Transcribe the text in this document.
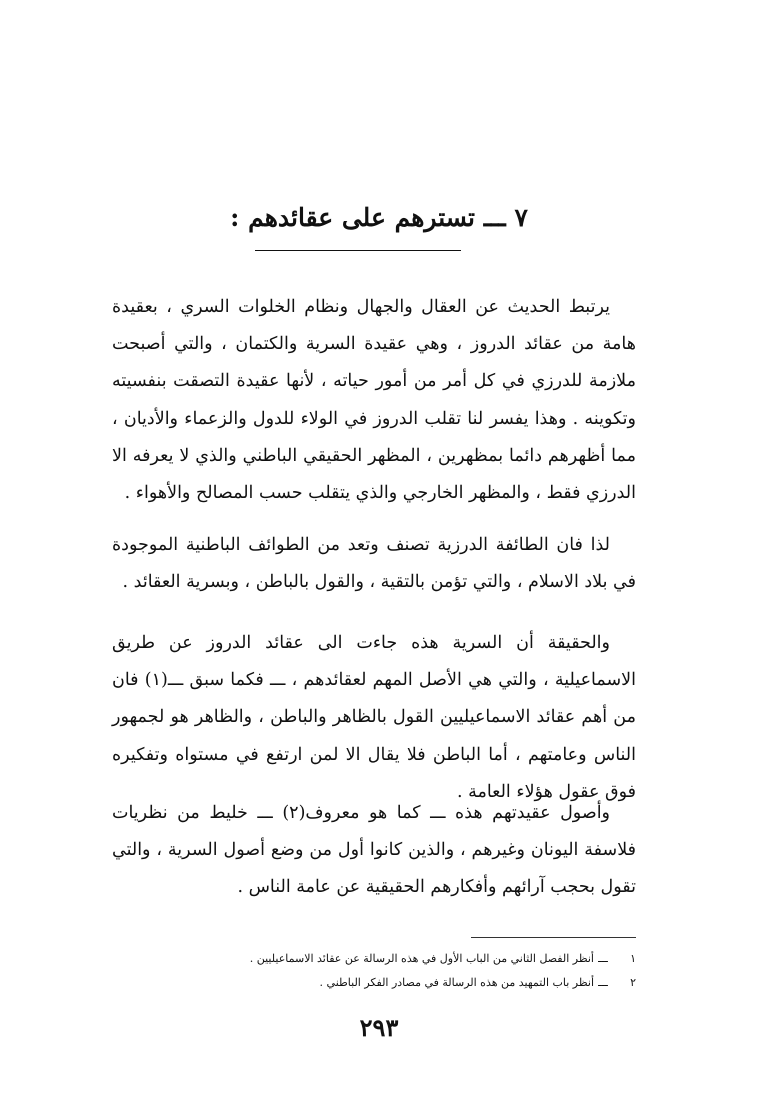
٧ ـــ تسترهم على عقائدهم :

يرتبط الحديث عن العقال والجهال ونظام الخلوات السري ، بعقيدة هامة من عقائد الدروز ، وهي عقيدة السرية والكتمان ، والتي أصبحت ملازمة للدرزي في كل أمر من أمور حياته ، لأنها عقيدة التصقت بنفسيته وتكوينه . وهذا يفسر لنا تقلب الدروز في الولاء للدول والزعماء والأديان ، مما أظهرهم دائما بمظهرين ، المظهر الحقيقي الباطني والذي لا يعرفه الا الدرزي فقط ، والمظهر الخارجي والذي يتقلب حسب المصالح والأهواء .

لذا فان الطائفة الدرزية تصنف وتعد من الطوائف الباطنية الموجودة في بلاد الاسلام ، والتي تؤمن بالتقية ، والقول بالباطن ، وبسرية العقائد .

والحقيقة أن السرية هذه جاءت الى عقائد الدروز عن طريق الاسماعيلية ، والتي هي الأصل المهم لعقائدهم ، ـــ فكما سبق ـــ(١) فان من أهم عقائد الاسماعيليين القول بالظاهر والباطن ، والظاهر هو لجمهور الناس وعامتهم ، أما الباطن فلا يقال الا لمن ارتفع في مستواه وتفكيره فوق عقول هؤلاء العامة .

وأصول عقيدتهم هذه ـــ كما هو معروف(٢) ـــ خليط من نظريات فلاسفة اليونان وغيرهم ، والذين كانوا أول من وضع أصول السرية ، والتي تقول بحجب آرائهم وأفكارهم الحقيقية عن عامة الناس .

١
ـــ
أنظر الفصل الثاني من الباب الأول في هذه الرسالة عن عقائد الاسماعيليين .
٢
ـــ
أنظر باب التمهيد من هذه الرسالة في مصادر الفكر الباطني .
٢٩٣
